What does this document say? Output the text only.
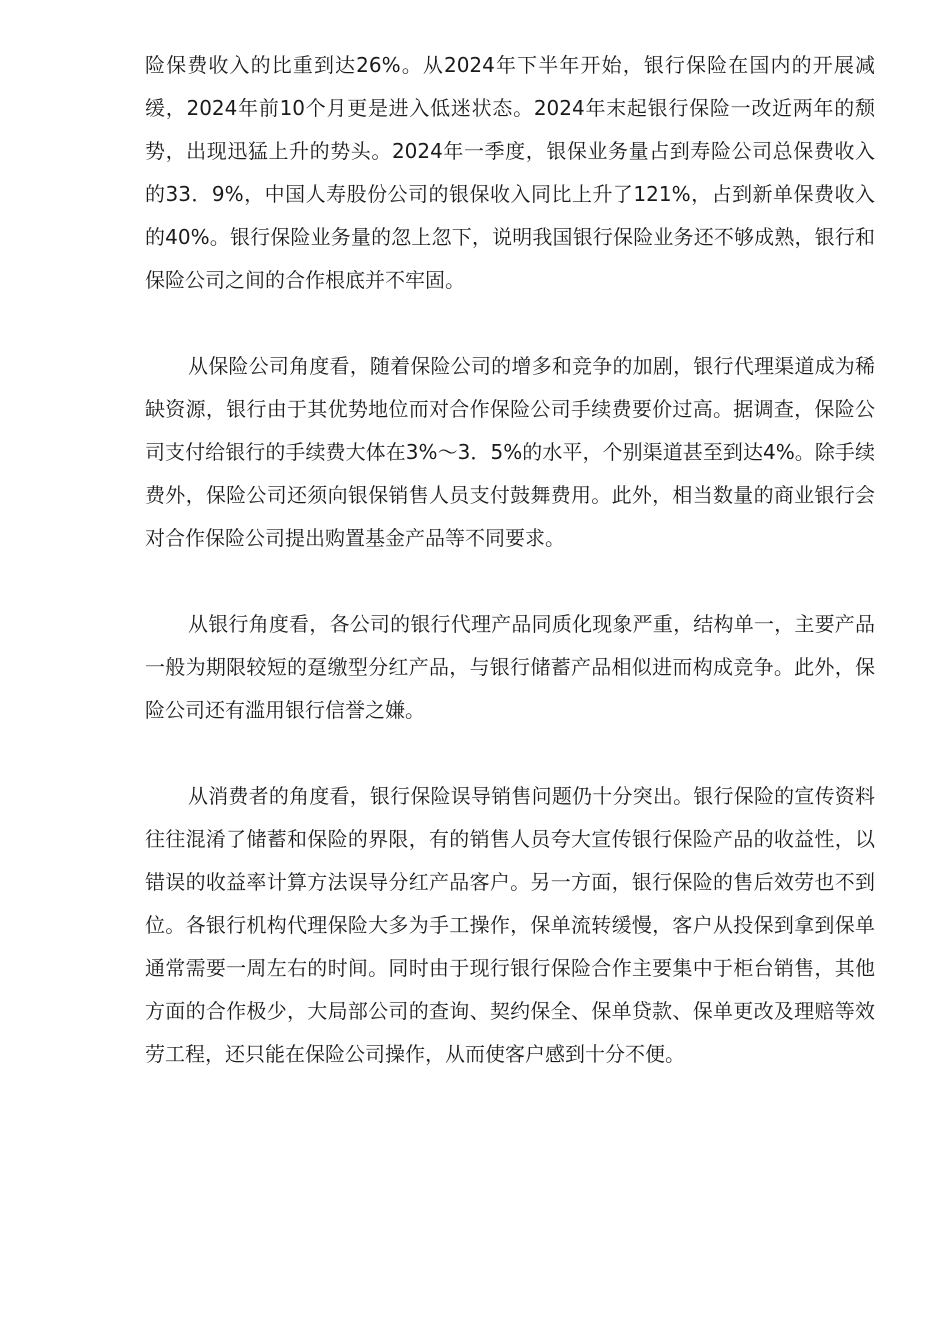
险保费收入的比重到达26%。从2024年下半年开始，银行保险在国内的开展减缓，2024年前10个月更是进入低迷状态。2024年末起银行保险一改近两年的颓势，出现迅猛上升的势头。2024年一季度，银保业务量占到寿险公司总保费收入的33．9%，中国人寿股份公司的银保收入同比上升了121%，占到新单保费收入的40%。银行保险业务量的忽上忽下，说明我国银行保险业务还不够成熟，银行和保险公司之间的合作根底并不牢固。

从保险公司角度看，随着保险公司的增多和竞争的加剧，银行代理渠道成为稀缺资源，银行由于其优势地位而对合作保险公司手续费要价过高。据调查，保险公司支付给银行的手续费大体在3%～3．5%的水平，个别渠道甚至到达4%。除手续费外，保险公司还须向银保销售人员支付鼓舞费用。此外，相当数量的商业银行会对合作保险公司提出购置基金产品等不同要求。

从银行角度看，各公司的银行代理产品同质化现象严重，结构单一，主要产品一般为期限较短的趸缴型分红产品，与银行储蓄产品相似进而构成竞争。此外，保险公司还有滥用银行信誉之嫌。

从消费者的角度看，银行保险误导销售问题仍十分突出。银行保险的宣传资料往往混淆了储蓄和保险的界限，有的销售人员夸大宣传银行保险产品的收益性，以错误的收益率计算方法误导分红产品客户。另一方面，银行保险的售后效劳也不到位。各银行机构代理保险大多为手工操作，保单流转缓慢，客户从投保到拿到保单通常需要一周左右的时间。同时由于现行银行保险合作主要集中于柜台销售，其他方面的合作极少，大局部公司的查询、契约保全、保单贷款、保单更改及理赔等效劳工程，还只能在保险公司操作，从而使客户感到十分不便。
